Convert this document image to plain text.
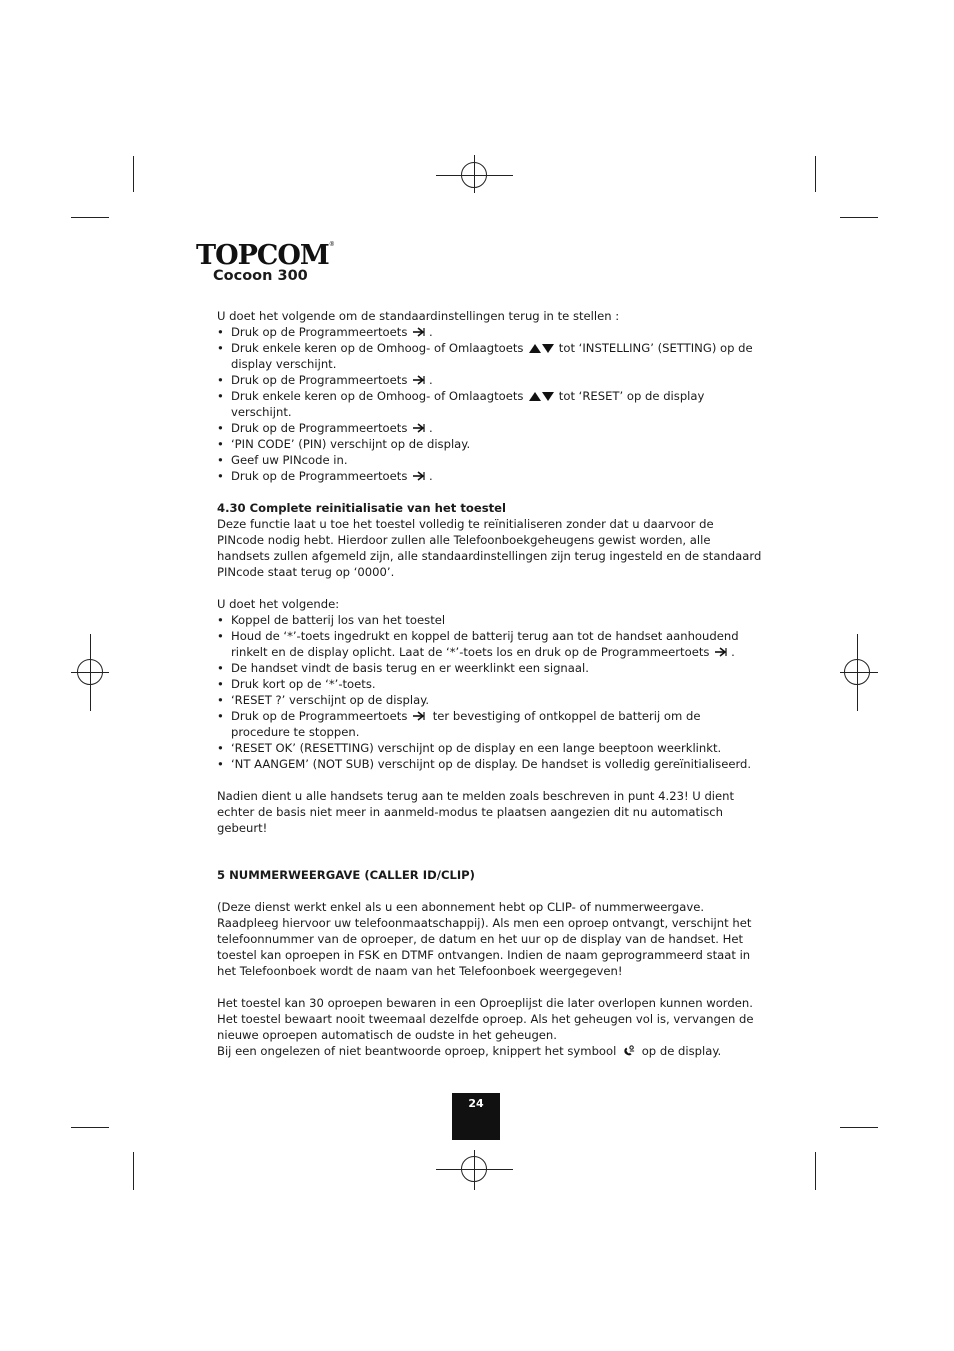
TOPCOM®
Cocoon 300

U doet het volgende om de standaardinstellingen terug in te stellen :

• Druk op de Programmeertoets .
• Druk enkele keren op de Omhoog- of Omlaagtoets	tot ‘INSTELLING’ (SETTING) op de display verschijnt.
• Druk op de Programmeertoets .
• Druk enkele keren op de Omhoog- of Omlaagtoets	tot ‘RESET’ op de display verschijnt.
• Druk op de Programmeertoets .
• ‘PIN CODE’ (PIN) verschijnt op de display.
• Geef uw PINcode in.
• Druk op de Programmeertoets .

4.30 Complete reinitialisatie van het toestel

Deze functie laat u toe het toestel volledig te reïnitialiseren zonder dat u daarvoor de PINcode nodig hebt. Hierdoor zullen alle Telefoonboekgeheugens gewist worden, alle handsets zullen afgemeld zijn, alle standaardinstellingen zijn terug ingesteld en de standaard PINcode staat terug op ‘0000’.

U doet het volgende:

• Koppel de batterij los van het toestel
• Houd de ‘*’-toets ingedrukt en koppel de batterij terug aan tot de handset aanhoudend rinkelt en de display oplicht. Laat de ‘*’-toets los en druk op de Programmeertoets .
• De handset vindt de basis terug en er weerklinkt een signaal.
• Druk kort op de ‘*’-toets.
• ‘RESET ?’ verschijnt op de display.
• Druk op de Programmeertoets
ter bevestiging of ontkoppel de batterij om de procedure te stoppen.
• ‘RESET OK’ (RESETTING) verschijnt op de display en een lange beeptoon weerklinkt.
• ‘NT AANGEM’ (NOT SUB) verschijnt op de display. De handset is volledig gereïnitialiseerd.

Nadien dient u alle handsets terug aan te melden zoals beschreven in punt 4.23! U dient echter de basis niet meer in aanmeld-modus te plaatsen aangezien dit nu automatisch gebeurt!

5 NUMMERWEERGAVE (CALLER ID/CLIP)

(Deze dienst werkt enkel als u een abonnement hebt op CLIP- of nummerweergave. Raadpleeg hiervoor uw telefoonmaatschappij). Als men een oproep ontvangt, verschijnt het telefoonnummer van de oproeper, de datum en het uur op de display van de handset. Het toestel kan oproepen in FSK en DTMF ontvangen. Indien de naam geprogrammeerd staat in het Telefoonboek wordt de naam van het Telefoonboek weergegeven!

Het toestel kan 30 oproepen bewaren in een Oproeplijst die later overlopen kunnen worden. Het toestel bewaart nooit tweemaal dezelfde oproep. Als het geheugen vol is, vervangen de nieuwe oproepen automatisch de oudste in het geheugen.

Bij een ongelezen of niet beantwoorde oproep, knippert het symbool
op de display.

24
